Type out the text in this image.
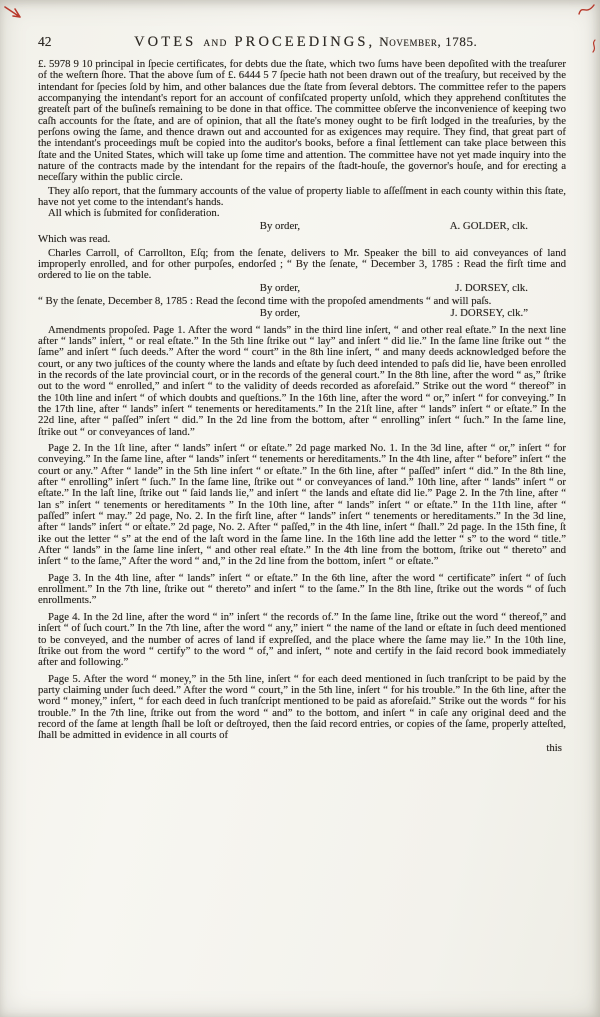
42	VOTES AND PROCEEDINGS, November, 1785.

£. 5978 9 10 principal in ſpecie certificates, for debts due the ſtate, which two ſums have been depoſited with the treaſurer of the weſtern ſhore. That the above ſum of £. 6444 5 7 ſpecie hath not been drawn out of the treaſury, but received by the intendant for ſpecies ſold by him, and other balances due the ſtate from ſeveral debtors. The committee refer to the papers accompanying the intendant's report for an account of confiſcated property unſold, which they apprehend conſtitutes the greateſt part of the buſineſs remaining to be done in that office. The committee obſerve the inconvenience of keeping two caſh accounts for the ſtate, and are of opinion, that all the ſtate's money ought to be firſt lodged in the treaſuries, by the perſons owing the ſame, and thence drawn out and accounted for as exigences may require. They find, that great part of the intendant's proceedings muſt be copied into the auditor's books, before a final ſettlement can take place between this ſtate and the United States, which will take up ſome time and attention. The committee have not yet made inquiry into the nature of the contracts made by the intendant for the repairs of the ſtadt-houſe, the governor's houſe, and for erecting a neceſſary within the public circle.

They alſo report, that the ſummary accounts of the value of property liable to aſſeſſment in each county within this ſtate, have not yet come to the intendant's hands.

All which is ſubmited for conſideration.

By order,	A. GOLDER, clk.

Which was read.

Charles Carroll, of Carrollton, Eſq; from the ſenate, delivers to Mr. Speaker the bill to aid conveyances of land improperly enrolled, and for other purpoſes, endorſed ; “ By the ſenate, “ December 3, 1785 : Read the firſt time and ordered to lie on the table.

By order,	J. DORSEY, clk.

“ By the ſenate, December 8, 1785 : Read the ſecond time with the propoſed amendments “ and will paſs.

By order,	J. DORSEY, clk.”

Amendments propoſed. Page 1. After the word “ lands” in the third line inſert, “ and other real eſtate.” In the next line after “ lands” inſert, “ or real eſtate.” In the 5th line ſtrike out “ lay” and inſert “ did lie.” In the ſame line ſtrike out “ the ſame” and inſert “ ſuch deeds.” After the word “ court” in the 8th line inſert, “ and many deeds acknowledged before the court, or any two juſtices of the county where the lands and eſtate by ſuch deed intended to paſs did lie, have been enrolled in the records of the late provincial court, or in the records of the general court.” In the 8th line, after the word “ as,” ſtrike out to the word “ enrolled,” and inſert “ to the validity of deeds recorded as aforeſaid.” Strike out the word “ thereof” in the 10th line and inſert “ of which doubts and queſtions.” In the 16th line, after the word “ or,” inſert “ for conveying.” In the 17th line, after “ lands” inſert “ tenements or hereditaments.” In the 21ſt line, after “ lands” inſert “ or eſtate.” In the 22d line, after “ paſſed” inſert “ did.” In the 2d line from the bottom, after “ enrolling” inſert “ ſuch.” In the ſame line, ſtrike out “ or conveyances of land.”

Page 2. In the 1ſt line, after “ lands” inſert “ or eſtate.” 2d page marked No. 1. In the 3d line, after “ or,” inſert “ for conveying.” In the ſame line, after “ lands” inſert “ tenements or hereditaments.” In the 4th line, after “ before” inſert “ the court or any.” After “ lande” in the 5th line inſert “ or eſtate.” In the 6th line, after “ paſſed” inſert “ did.” In the 8th line, after “ enrolling” inſert “ ſuch.” In the ſame line, ſtrike out “ or conveyances of land.” 10th line, after “ lands” inſert “ or eſtate.” In the laſt line, ſtrike out “ ſaid lands lie,” and inſert “ the lands and eſtate did lie.” Page 2. In the 7th line, after “ lan s” inſert “ tenements or hereditaments ” In the 10th line, after “ lands” inſert “ or eſtate.” In the 11th line, after “ paſſed” inſert “ may.” 2d page, No. 2. In the firſt line, after “ lands” inſert “ tenements or hereditaments.” In the 3d line, after “ lands” inſert “ or eſtate.” 2d page, No. 2. After “ paſſed,” in the 4th line, inſert “ ſhall.” 2d page. In the 15th fine, ſt ike out the letter “ s” at the end of the laſt word in the ſame line. In the 16th line add the letter “ s” to the word “ title.” After “ lands” in the ſame line inſert, “ and other real eſtate.” In the 4th line from the bottom, ſtrike out “ thereto” and inſert “ to the ſame,” After the word “ and,” in the 2d line from the bottom, inſert “ or eſtate.”

Page 3. In the 4th line, after “ lands” inſert “ or eſtate.” In the 6th line, after the word “ certificate” inſert “ of ſuch enrollment.” In the 7th line, ſtrike out “ thereto” and inſert “ to the ſame.” In the 8th line, ſtrike out the words “ of ſuch enrollments.”

Page 4. In the 2d line, after the word “ in” inſert “ the records of.” In the ſame line, ſtrike out the word “ thereof,” and inſert “ of ſuch court.” In the 7th line, after the word “ any,” iniert “ the name of the land or eſtate in ſuch deed mentioned to be conveyed, and the number of acres of land if expreſſed, and the place where the ſame may lie.” In the 10th line, ſtrike out from the word “ certify” to the word “ of,” and inſert, “ note and certify in the ſaid record book immediately after and following.”

Page 5. After the word “ money,” in the 5th line, inſert “ for each deed mentioned in ſuch tranſcript to be paid by the party claiming under ſuch deed.” After the word “ court,” in the 5th line, inſert “ for his trouble.” In the 6th line, after the word “ money,” inſert, “ for each deed in ſuch tranſcript mentioned to be paid as aforeſaid.” Strike out the words “ for his trouble.” In the 7th line, ſtrike out from the word “ and” to the bottom, and inſert “ in caſe any original deed and the record of the ſame at length ſhall be loſt or deſtroyed, then the ſaid record entries, or copies of the ſame, properly atteſted, ſhall be admitted in evidence in all courts of

this
